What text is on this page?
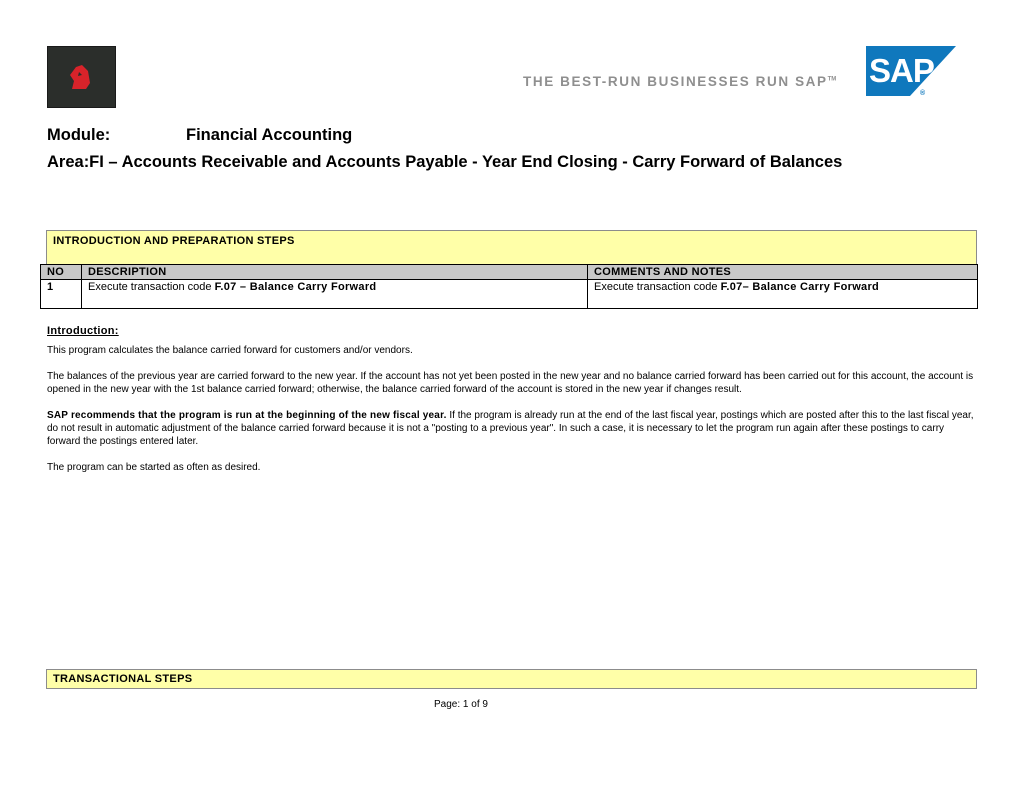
THE BEST-RUN BUSINESSES RUN SAP™ SAP
®
Module:	Financial Accounting
Area:FI – Accounts Receivable and Accounts Payable - Year End Closing - Carry Forward of Balances
INTRODUCTION AND PREPARATION STEPS
NO	DESCRIPTION	COMMENTS AND NOTES
1	Execute transaction code F.07 – Balance Carry Forward	Execute transaction code F.07– Balance Carry Forward
Introduction:

This program calculates the balance carried forward for customers and/or vendors.

The balances of the previous year are carried forward to the new year. If the account has not yet been posted in the new year and no balance carried forward has been carried out for this account, the account is opened in the new year with the 1st balance carried forward; otherwise, the balance carried forward of the account is stored in the new year if changes result.

SAP recommends that the program is run at the beginning of the new fiscal year. If the program is already run at the end of the last fiscal year, postings which are posted after this to the last fiscal year, do not result in automatic adjustment of the balance carried forward because it is not a "posting to a previous year". In such a case, it is necessary to let the program run again after these postings to carry forward the postings entered later.

The program can be started as often as desired.

TRANSACTIONAL STEPS
Page: 1 of 9
